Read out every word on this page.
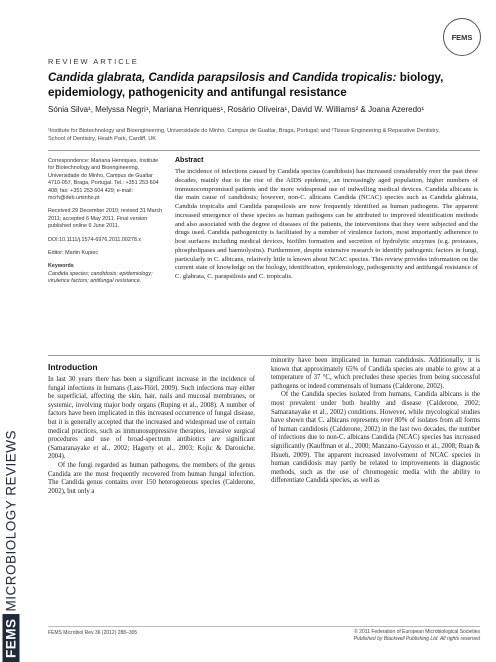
FEMSMICROBIOLOGY REVIEWS
FEMS
REVIEW ARTICLE
Candida glabrata, Candida parapsilosis and Candida tropicalis: biology, epidemiology, pathogenicity and antifungal resistance
Sónia Silva¹, Melyssa Negri¹, Mariana Henriques¹, Rosário Oliveira¹, David W. Williams² & Joana Azeredo¹
¹Institute for Biotechnology and Bioengineering, Universidade do Minho, Campus de Gualtar, Braga, Portugal; and ²Tissue Engineering & Reparative Dentistry, School of Dentistry, Heath Park, Cardiff, UK

Correspondence: Mariana Henriques, Institute for Biotechnology and Bioengineering, Universidade do Minho, Campus de Gualtar 4710-057, Braga, Portugal. Tel.: +351 253 604 408; fax: +351 253 604 429; e-mail: mcrh@deb.uminho.pt

Received 29 December 2010; revised 31 March 2011; accepted 6 May 2011. Final version published online 6 June 2011.

DOI:10.1111/j.1574-6976.2011.00278.x

Editor: Martin Kupiec

Keywords

Candida species; candidosis; epidemiology; virulence factors; antifungal resistance.

Abstract

The incidence of infections caused by Candida species (candidosis) has increased considerably over the past three decades, mainly due to the rise of the AIDS epidemic, an increasingly aged population, higher numbers of immunocompromised patients and the more widespread use of indwelling medical devices. Candida albicans is the main cause of candidosis; however, non-C. albicans Candida (NCAC) species such as Candida glabrata, Candida tropicalis and Candida parapsilosis are now frequently identified as human pathogens. The apparent increased emergence of these species as human pathogens can be attributed to improved identification methods and also associated with the degree of diseases of the patients, the interventions that they were subjected and the drugs used. Candida pathogenicity is facilitated by a number of virulence factors, most importantly adherence to host surfaces including medical devices, biofilm formation and secretion of hydrolytic enzymes (e.g. proteases, phospholipases and haemolysins). Furthermore, despite extensive research to identify pathogenic factors in fungi, particularly in C. albicans, relatively little is known about NCAC species. This review provides information on the current state of knowledge on the biology, identification, epidemiology, pathogenicity and antifungal resistance of C. glabrata, C. parapsilosis and C. tropicalis.

Introduction

In last 30 years there has been a significant increase in the incidence of fungal infections in humans (Lass-Flörl, 2009). Such infections may either be superficial, affecting the skin, hair, nails and mucosal membranes, or systemic, involving major body organs (Ruping et al., 2008). A number of factors have been implicated in this increased occurrence of fungal disease, but it is generally accepted that the increased and widespread use of certain medical practices, such as immunosuppressive therapies, invasive surgical procedures and use of broad-spectrum antibiotics are significant (Samaranayake et al., 2002; Hagerty et al., 2003; Kojic & Darouiche, 2004).

Of the fungi regarded as human pathogens, the members of the genus Candida are the most frequently recovered from human fungal infection. The Candida genus contains over 150 heterogeneous species (Calderone, 2002), but only a

minority have been implicated in human candidosis. Additionally, it is known that approximately 65% of Candida species are unable to grow at a temperature of 37 °C, which precludes these species from being successful pathogens or indeed commensals of humans (Calderone, 2002).

Of the Candida species isolated from humans, Candida albicans is the most prevalent under both healthy and disease (Calderone, 2002; Samaranayake et al., 2002) conditions. However, while mycological studies have shown that C. albicans represents over 80% of isolates from all forms of human candidosis (Calderone, 2002) in the last two decades, the number of infections due to non-C. albicans Candida (NCAC) species has increased significantly (Kauffman et al., 2000; Manzano-Gayosso et al., 2008; Ruan & Hsueh, 2009). The apparent increased involvement of NCAC species in human candidosis may partly be related to improvements in diagnostic methods, such as the use of chromogenic media with the ability to differentiate Candida species, as well as

FEMS Microbiol Rev 36 (2012) 288–305	© 2011 Federation of European Microbiological Societies
Published by Blackwell Publishing Ltd. All rights reserved
